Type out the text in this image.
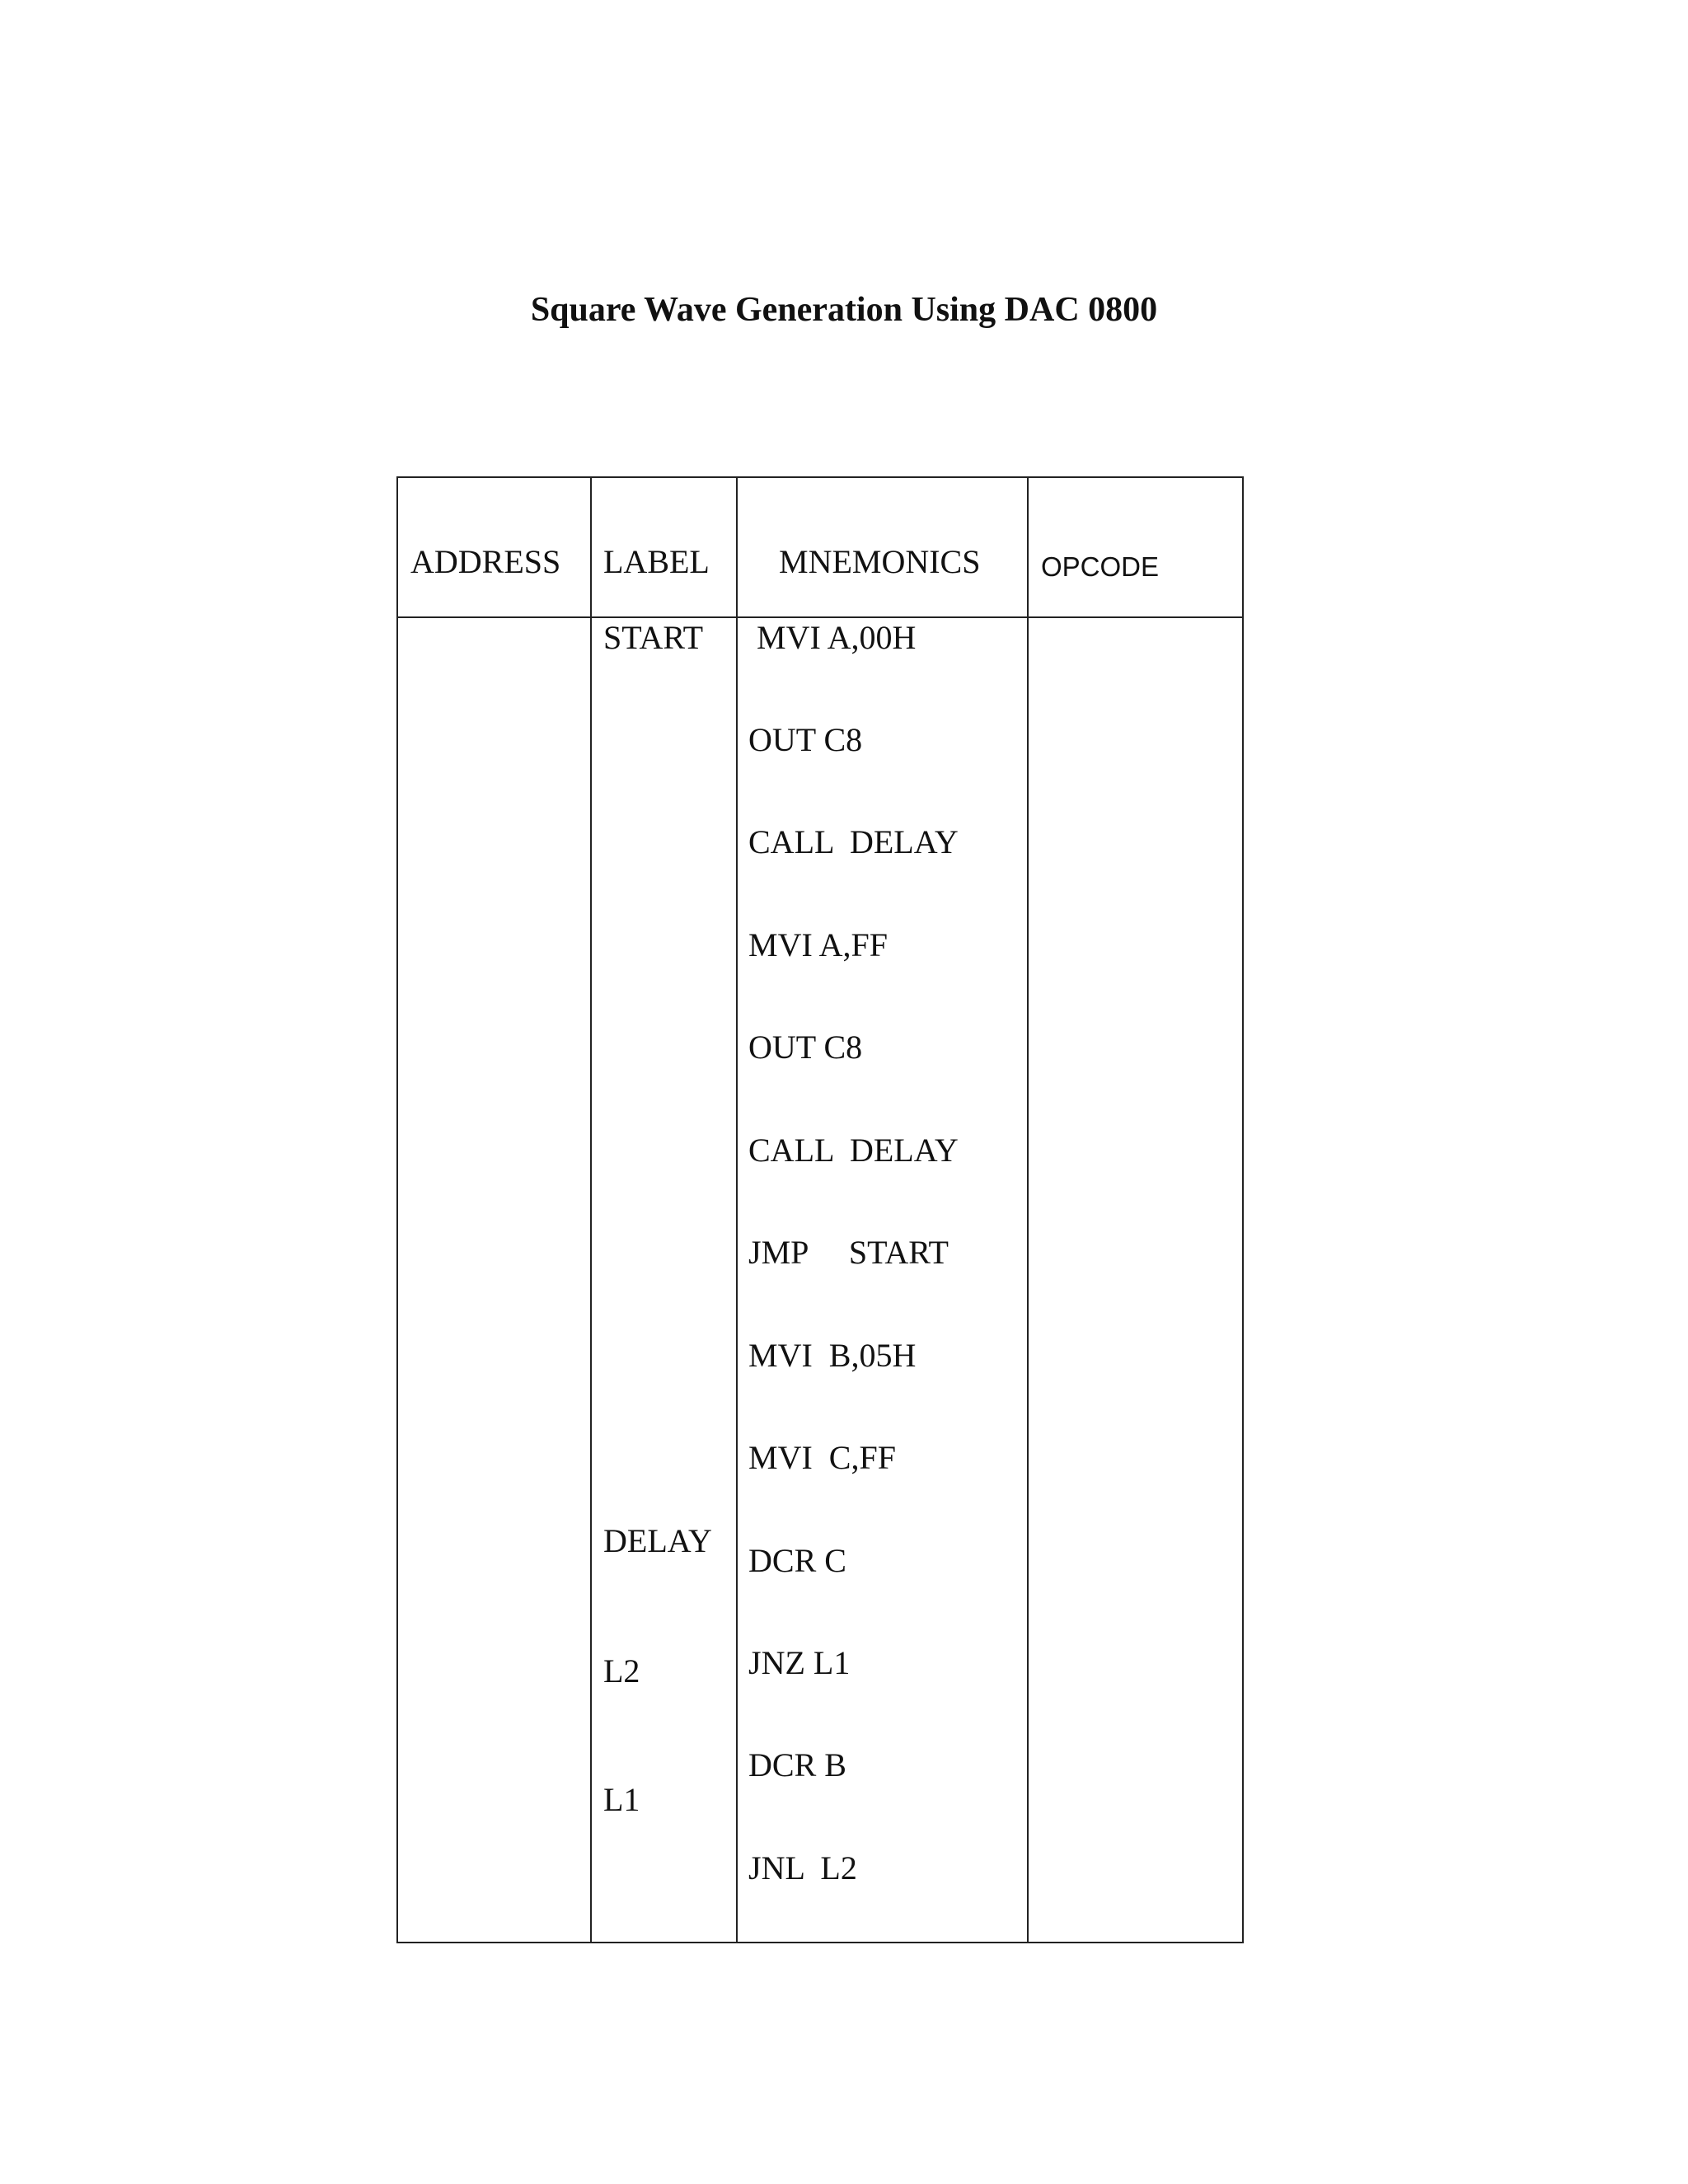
Square Wave Generation Using DAC 0800
ADDRESS LABEL MNEMONICS OPCODE
START
DELAY
L2
L1
MVI A,00H
OUT C8
CALL  DELAY
MVI A,FF
OUT C8
CALL  DELAY
JMP     START
MVI  B,05H
MVI  C,FF
DCR C
JNZ L1
DCR B
JNL  L2
